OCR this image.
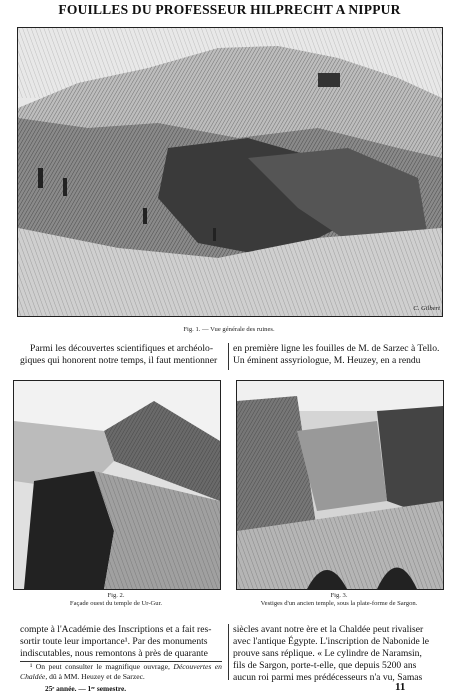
FOUILLES DU PROFESSEUR HILPRECHT A NIPPUR
C. Gilbert
Fig. 1. — Vue générale des ruines.

Parmi les découvertes scientifiques et archéolo-

giques qui honorent notre temps, il faut mentionner

en première ligne les fouilles de M. de Sarzec à Tello.

Un éminent assyriologue, M. Heuzey, en a rendu

Fig. 2.
Façade ouest du temple de Ur-Gur.
Fig. 3.
Vestiges d'un ancien temple, sous la plate-forme de Sargon.

compte à l'Académie des Inscriptions et a fait res-

sortir toute leur importance¹. Par des monuments

indiscutables, nous remontons à près de quarante

¹ On peut consulter le magnifique ouvrage, Découvertes en Chaldée, dû à MM. Heuzey et de Sarzec.

siècles avant notre ère et la Chaldée peut rivaliser

avec l'antique Égypte. L'inscription de Nabonide le

prouve sans réplique. « Le cylindre de Naramsin,

fils de Sargon, porte-t-elle, que depuis 5200 ans

aucun roi parmi mes prédécesseurs n'a vu, Samas

25ᵉ année. — 1ᵉʳ semestre.	11
